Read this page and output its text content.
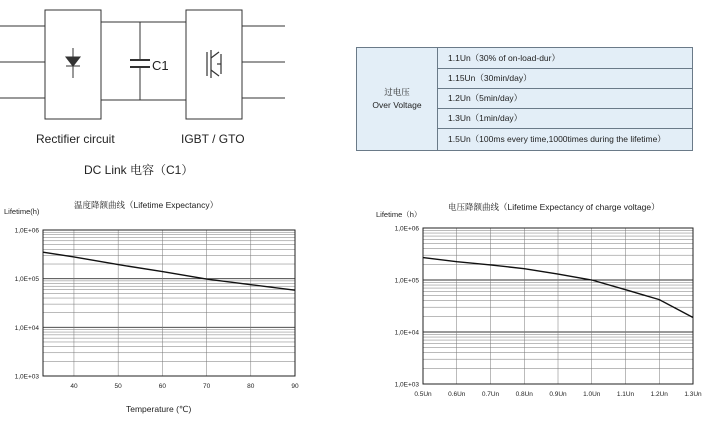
C1
Rectifier circuit	IGBT / GTO
DC Link 电容（C1）
过电压
Over Voltage
1.1Un（30% of on-load-dur）
1.15Un（30min/day）
1.2Un（5min/day）
1.3Un（1min/day）
1.5Un（100ms every time,1000times during the lifetime）
温度降额曲线（Lifetime Expectancy）
Lifetime(h)
Temperature (℃)
1,0E+06
1,0E+05
1,0E+04
1,0E+03
40	50	60	70	80	90
电压降额曲线（Lifetime Expectancy of charge voltage）
Lifetime（h）
1,0E+06
1,0E+05
1,0E+04
1,0E+03
0.5Un	0.6Un	0.7Un	0.8Un	0.9Un	1.0Un	1.1Un	1.2Un	1.3Un
